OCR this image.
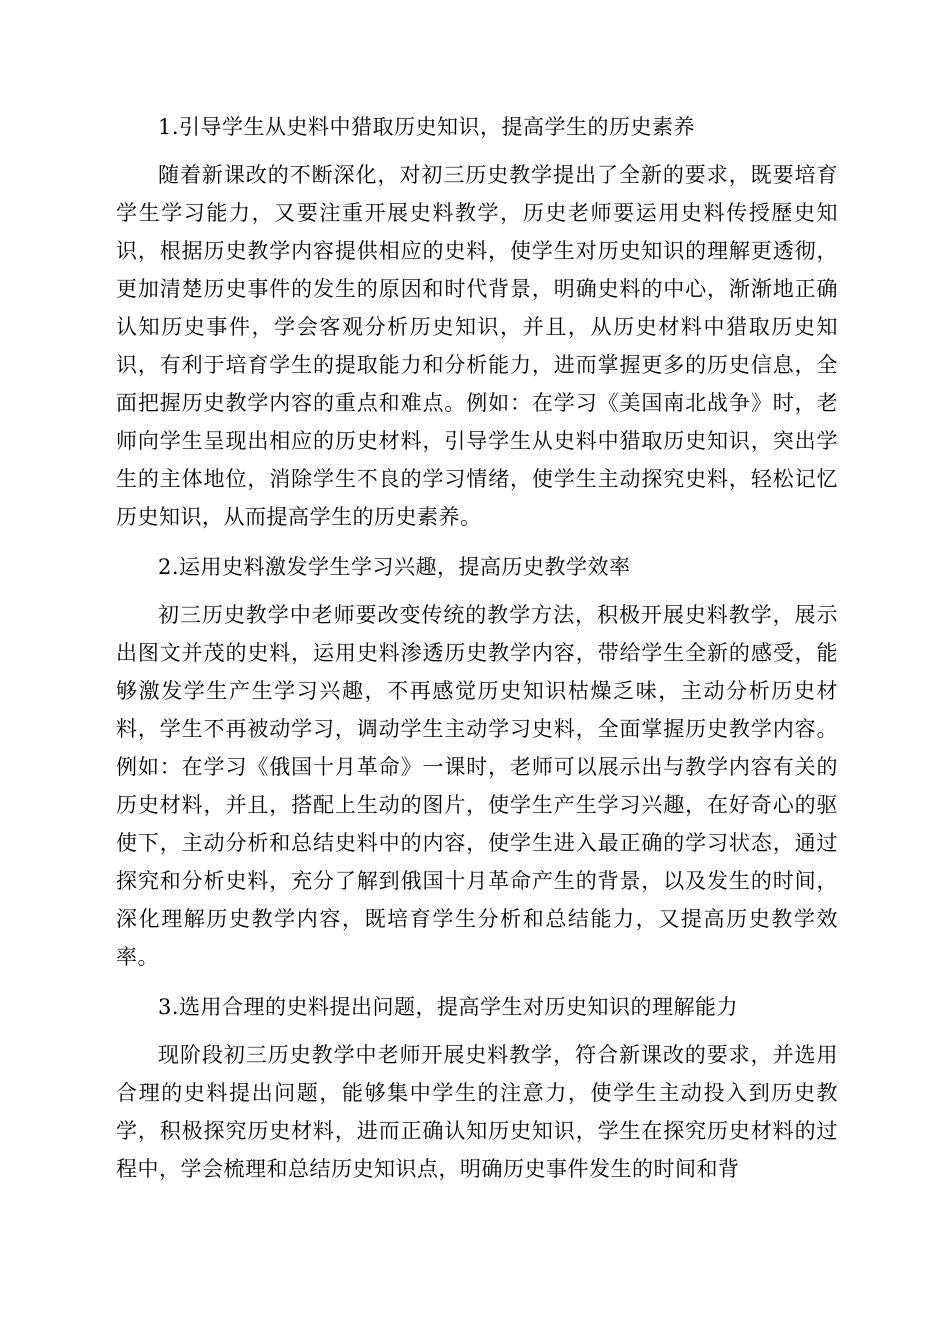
1.引导学生从史料中猎取历史知识，提高学生的历史素养

随着新课改的不断深化，对初三历史教学提出了全新的要求，既要培育学生学习能力，又要注重开展史料教学，历史老师要运用史料传授歷史知识，根据历史教学内容提供相应的史料，使学生对历史知识的理解更透彻，更加清楚历史事件的发生的原因和时代背景，明确史料的中心，渐渐地正确认知历史事件，学会客观分析历史知识，并且，从历史材料中猎取历史知识，有利于培育学生的提取能力和分析能力，进而掌握更多的历史信息，全面把握历史教学内容的重点和难点。例如：在学习《美国南北战争》时，老师向学生呈现出相应的历史材料，引导学生从史料中猎取历史知识，突出学生的主体地位，消除学生不良的学习情绪，使学生主动探究史料，轻松记忆历史知识，从而提高学生的历史素养。

2.运用史料激发学生学习兴趣，提高历史教学效率

初三历史教学中老师要改变传统的教学方法，积极开展史料教学，展示出图文并茂的史料，运用史料渗透历史教学内容，带给学生全新的感受，能够激发学生产生学习兴趣，不再感觉历史知识枯燥乏味，主动分析历史材料，学生不再被动学习，调动学生主动学习史料，全面掌握历史教学内容。例如：在学习《俄国十月革命》一课时，老师可以展示出与教学内容有关的历史材料，并且，搭配上生动的图片，使学生产生学习兴趣，在好奇心的驱使下，主动分析和总结史料中的内容，使学生进入最正确的学习状态，通过探究和分析史料，充分了解到俄国十月革命产生的背景，以及发生的时间，深化理解历史教学内容，既培育学生分析和总结能力，又提高历史教学效率。

3.选用合理的史料提出问题，提高学生对历史知识的理解能力

现阶段初三历史教学中老师开展史料教学，符合新课改的要求，并选用合理的史料提出问题，能够集中学生的注意力，使学生主动投入到历史教学，积极探究历史材料，进而正确认知历史知识，学生在探究历史材料的过程中，学会梳理和总结历史知识点，明确历史事件发生的时间和背
